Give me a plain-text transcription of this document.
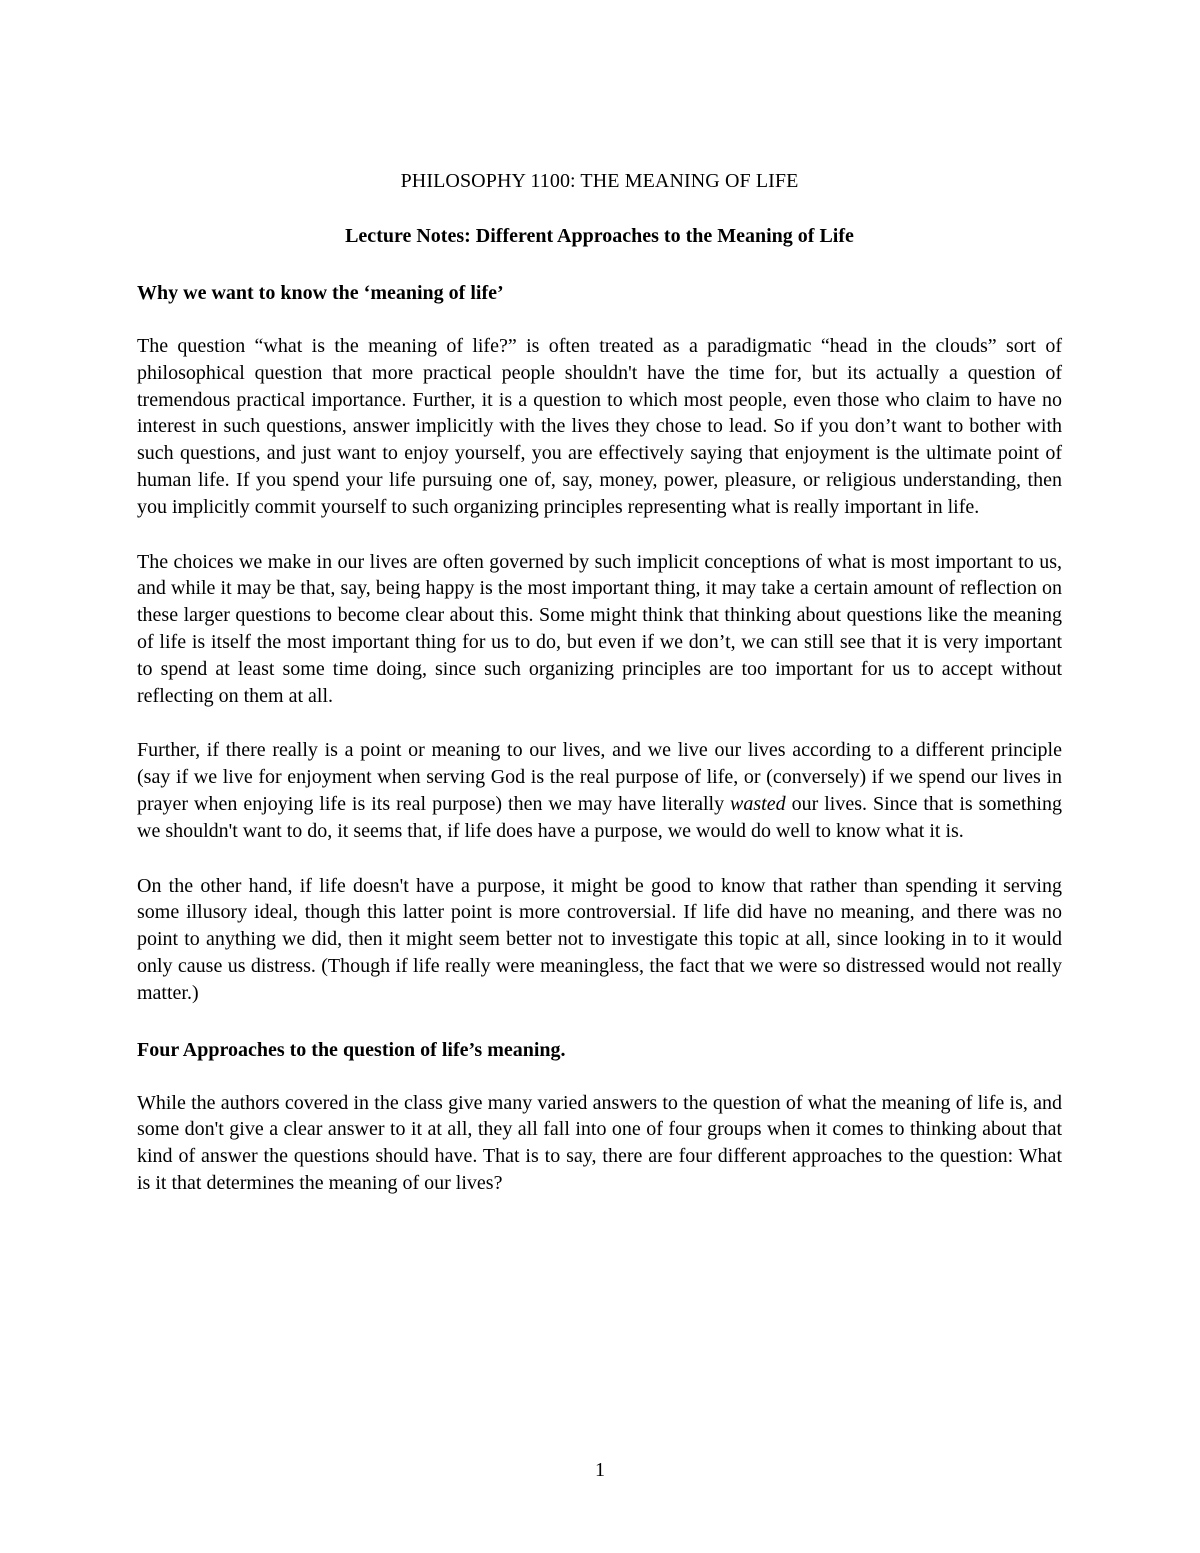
PHILOSOPHY 1100: THE MEANING OF LIFE
Lecture Notes: Different Approaches to the Meaning of Life
Why we want to know the ‘meaning of life’

The question “what is the meaning of life?” is often treated as a paradigmatic “head in the clouds” sort of philosophical question that more practical people shouldn't have the time for, but its actually a question of tremendous practical importance. Further, it is a question to which most people, even those who claim to have no interest in such questions, answer implicitly with the lives they chose to lead. So if you don’t want to bother with such questions, and just want to enjoy yourself, you are effectively saying that enjoyment is the ultimate point of human life. If you spend your life pursuing one of, say, money, power, pleasure, or religious understanding, then you implicitly commit yourself to such organizing principles representing what is really important in life.

The choices we make in our lives are often governed by such implicit conceptions of what is most important to us, and while it may be that, say, being happy is the most important thing, it may take a certain amount of reflection on these larger questions to become clear about this. Some might think that thinking about questions like the meaning of life is itself the most important thing for us to do, but even if we don’t, we can still see that it is very important to spend at least some time doing, since such organizing principles are too important for us to accept without reflecting on them at all.

Further, if there really is a point or meaning to our lives, and we live our lives according to a different principle (say if we live for enjoyment when serving God is the real purpose of life, or (conversely) if we spend our lives in prayer when enjoying life is its real purpose) then we may have literally wasted our lives. Since that is something we shouldn't want to do, it seems that, if life does have a purpose, we would do well to know what it is.

On the other hand, if life doesn't have a purpose, it might be good to know that rather than spending it serving some illusory ideal, though this latter point is more controversial. If life did have no meaning, and there was no point to anything we did, then it might seem better not to investigate this topic at all, since looking in to it would only cause us distress. (Though if life really were meaningless, the fact that we were so distressed would not really matter.)

Four Approaches to the question of life’s meaning.

While the authors covered in the class give many varied answers to the question of what the meaning of life is, and some don't give a clear answer to it at all, they all fall into one of four groups when it comes to thinking about that kind of answer the questions should have. That is to say, there are four different approaches to the question: What is it that determines the meaning of our lives?

1
